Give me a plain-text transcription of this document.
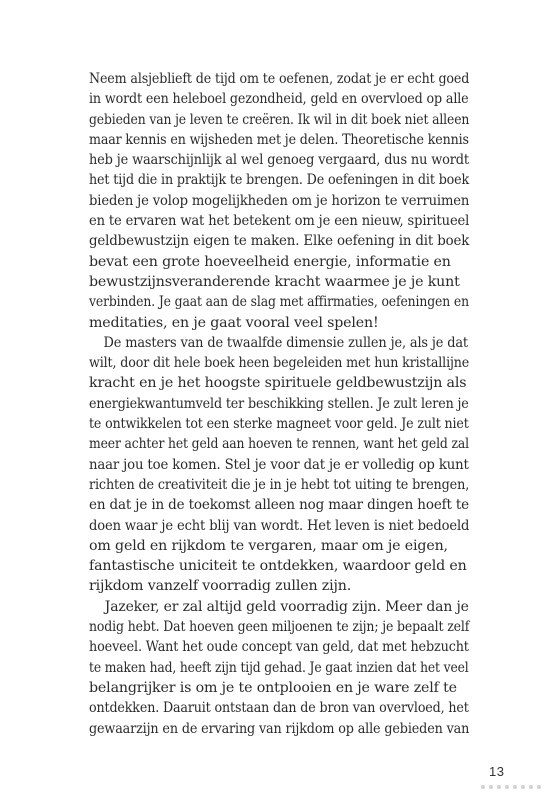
Neem alsjeblieft de tijd om te oefenen, zodat je er echt goed
in wordt een heleboel gezondheid, geld en overvloed op alle
gebieden van je leven te creëren. Ik wil in dit boek niet alleen
maar kennis en wijsheden met je delen. Theoretische kennis
heb je waarschijnlijk al wel genoeg vergaard, dus nu wordt
het tijd die in praktijk te brengen. De oefeningen in dit boek
bieden je volop mogelijkheden om je horizon te verruimen
en te ervaren wat het betekent om je een nieuw, spiritueel
geldbewustzijn eigen te maken. Elke oefening in dit boek
bevat een grote hoeveelheid energie, informatie en
bewustzijnsveranderende kracht waarmee je je kunt
verbinden. Je gaat aan de slag met affirmaties, oefeningen en
meditaties, en je gaat vooral veel spelen!
De masters van de twaalfde dimensie zullen je, als je dat
wilt, door dit hele boek heen begeleiden met hun kristallijne
kracht en je het hoogste spirituele geldbewustzijn als
energiekwantumveld ter beschikking stellen. Je zult leren je
te ontwikkelen tot een sterke magneet voor geld. Je zult niet
meer achter het geld aan hoeven te rennen, want het geld zal
naar jou toe komen. Stel je voor dat je er volledig op kunt
richten de creativiteit die je in je hebt tot uiting te brengen,
en dat je in de toekomst alleen nog maar dingen hoeft te
doen waar je echt blij van wordt. Het leven is niet bedoeld
om geld en rijkdom te vergaren, maar om je eigen,
fantastische uniciteit te ontdekken, waardoor geld en
rijkdom vanzelf voorradig zullen zijn.
Jazeker, er zal altijd geld voorradig zijn. Meer dan je
nodig hebt. Dat hoeven geen miljoenen te zijn; je bepaalt zelf
hoeveel. Want het oude concept van geld, dat met hebzucht
te maken had, heeft zijn tijd gehad. Je gaat inzien dat het veel
belangrijker is om je te ontplooien en je ware zelf te
ontdekken. Daaruit ontstaan dan de bron van overvloed, het
gewaarzijn en de ervaring van rijkdom op alle gebieden van
13
